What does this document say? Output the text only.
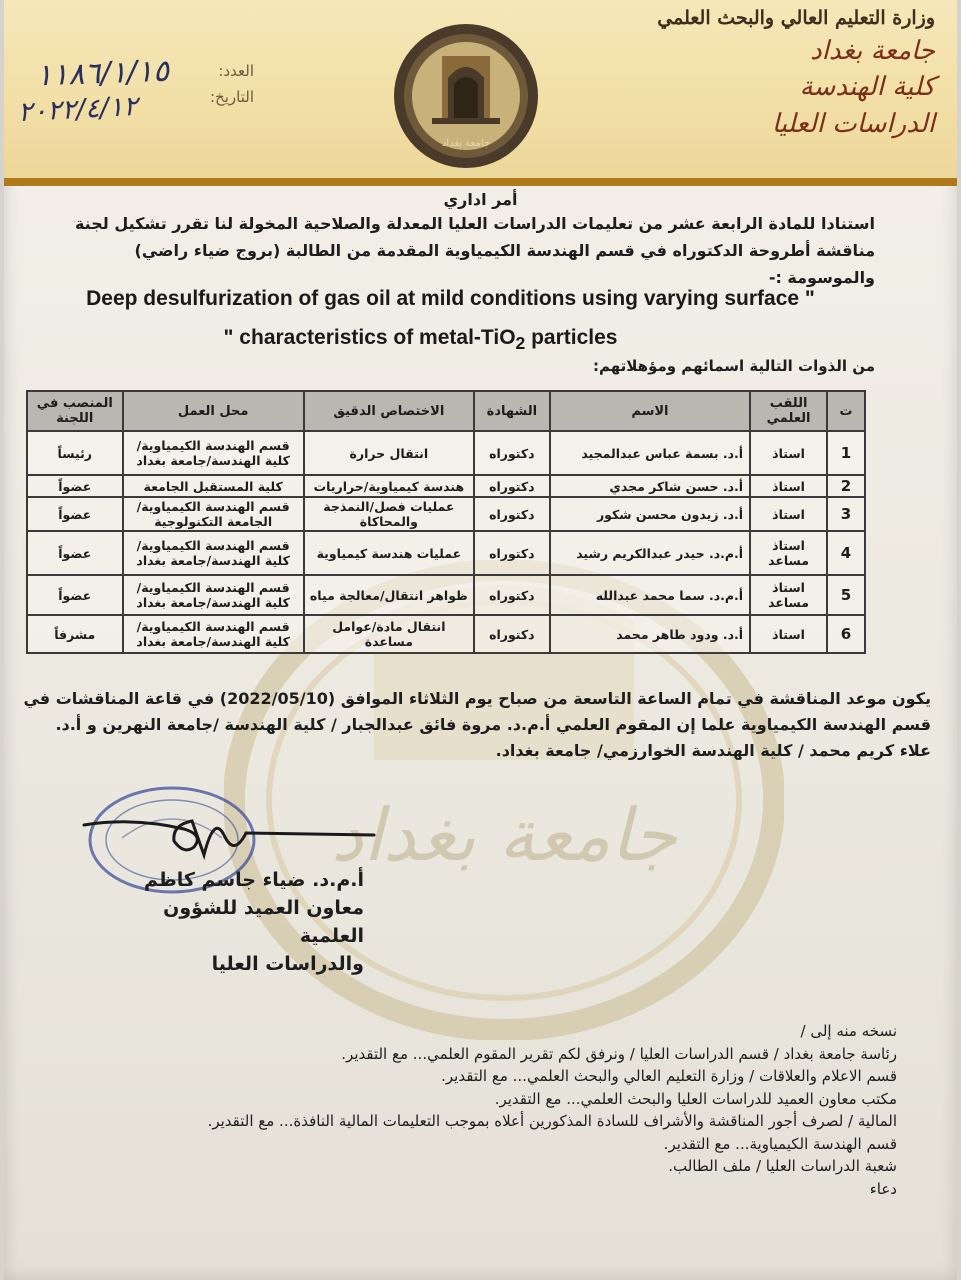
جامعة بغداد
وزارة التعليم العالي والبحث العلمي
جامعة بغداد
كلية الهندسة
الدراسات العليا
العدد:
التاريخ:
١١٨٦/١/١٥
٢٠٢٢/٤/١٢
جامعة بغداد
أمر اداري
استنادا للمادة الرابعة عشر من تعليمات الدراسات العليا المعدلة والصلاحية المخولة لنا تقرر تشكيل لجنة مناقشة أطروحة الدكتوراه في قسم الهندسة الكيمياوية المقدمة من الطالبة (بروج ضياء راضي) والموسومة :-
Deep desulfurization of gas oil at mild conditions using varying surface "
" characteristics of metal-TiO$_2$ particles
من الذوات التالية اسمائهم ومؤهلاتهم:
ت	اللقب العلمي	الاسم	الشهادة	الاختصاص الدقيق	محل العمل	المنصب في اللجنة
1	استاذ	أ.د. بسمة عباس عبدالمجيد	دكتوراه	انتقال حرارة	قسم الهندسة الكيمياوية/كلية الهندسة/جامعة بغداد	رئيساً
2	استاذ	أ.د. حسن شاكر مجدي	دكتوراه	هندسة كيمياوية/حراريات	كلية المستقبل الجامعة	عضواً
3	استاذ	أ.د. زيدون محسن شكور	دكتوراه	عمليات فصل/النمذجة والمحاكاة	قسم الهندسة الكيمياوية/ الجامعة التكنولوجية	عضواً
4	استاذ مساعد	أ.م.د. حيدر عبدالكريم رشيد	دكتوراه	عمليات هندسة كيمياوية	قسم الهندسة الكيمياوية/كلية الهندسة/جامعة بغداد	عضواً
5	استاذ مساعد	أ.م.د. سما محمد عبدالله	دكتوراه	ظواهر انتقال/معالجة مياه	قسم الهندسة الكيمياوية/كلية الهندسة/جامعة بغداد	عضواً
6	استاذ	أ.د. ودود طاهر محمد	دكتوراه	انتقال مادة/عوامل مساعدة	قسم الهندسة الكيمياوية/كلية الهندسة/جامعة بغداد	مشرفاً
يكون موعد المناقشة في تمام الساعة التاسعة من صباح يوم الثلاثاء الموافق (2022/05/10) في قاعة المناقشات في قسم الهندسة الكيمياوية علما إن المقوم العلمي أ.م.د. مروة فائق عبدالجبار / كلية الهندسة /جامعة النهرين و أ.د. علاء كريم محمد / كلية الهندسة الخوارزمي/ جامعة بغداد.
أ.م.د. ضياء جاسم كاظم
معاون العميد للشؤون العلمية
والدراسات العليا
نسخه منه إلى /
رئاسة جامعة بغداد / قسم الدراسات العليا / ونرفق لكم تقرير المقوم العلمي... مع التقدير.
قسم الاعلام والعلاقات / وزارة التعليم العالي والبحث العلمي... مع التقدير.
مكتب معاون العميد للدراسات العليا والبحث العلمي... مع التقدير.
المالية / لصرف أجور المناقشة والأشراف للسادة المذكورين أعلاه بموجب التعليمات المالية النافذة... مع التقدير.
قسم الهندسة الكيمياوية... مع التقدير.
شعبة الدراسات العليا / ملف الطالب.
دعاء
